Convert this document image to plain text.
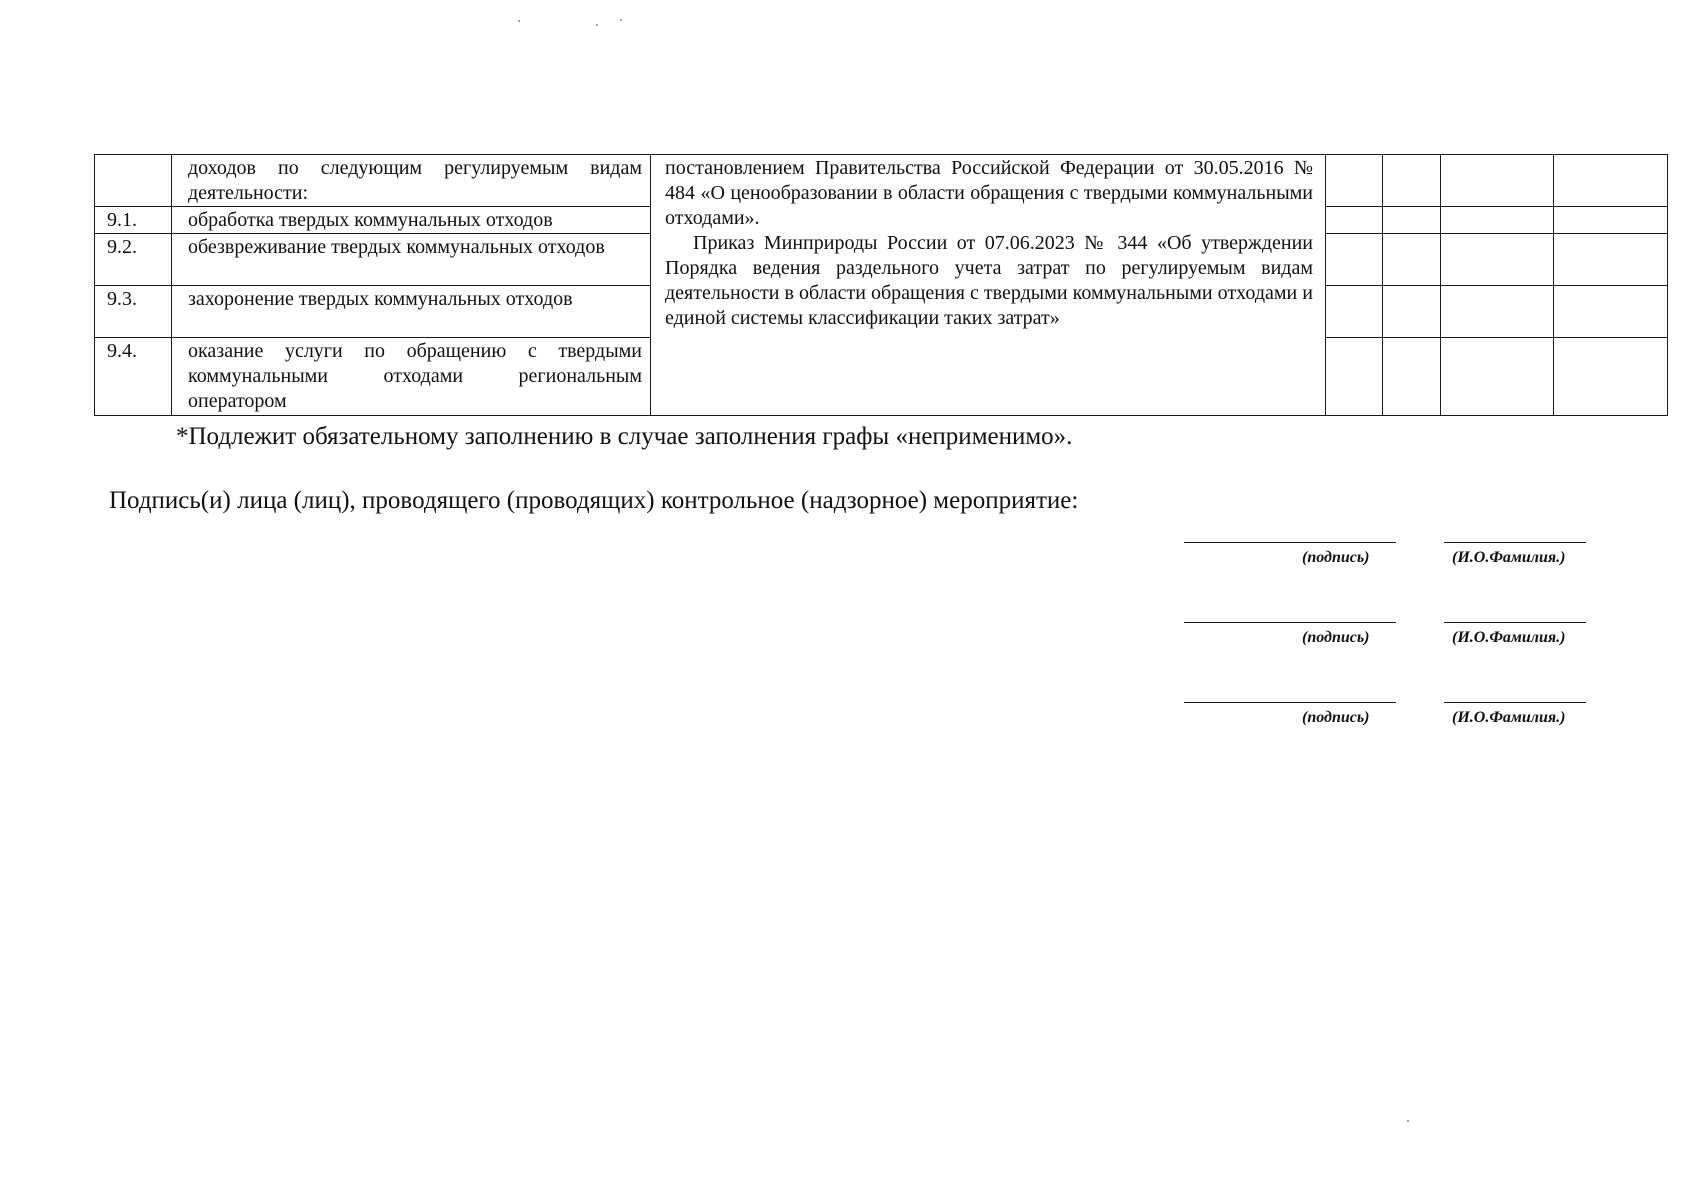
	доходов по следующим регулируемым видам деятельности:	постановлением Правительства Российской Федерации от 30.05.2016 № 484 «О ценообразовании в области обращения с твердыми коммунальными отходами».

Приказ Минприроды России от 07.06.2023 № 344 «Об утверждении Порядка ведения раздельного учета затрат по регулируемым видам деятельности в области обращения с твердыми коммунальными отходами и единой системы классификации таких затрат»				

9.1.	обработка твердых коммунальных отходов					
9.2.	обезвреживание твердых коммунальных отходов					
9.3.	захоронение твердых коммунальных отходов					
9.4.	оказание услуги по обращению с твердыми коммунальными отходами региональным оператором					

*Подлежит обязательному заполнению в случае заполнения графы «неприменимо».

Подпись(и) лица (лиц), проводящего (проводящих) контрольное (надзорное) мероприятие:

(подпись)	(И.О.Фамилия.)
(подпись)	(И.О.Фамилия.)
(подпись)	(И.О.Фамилия.)
